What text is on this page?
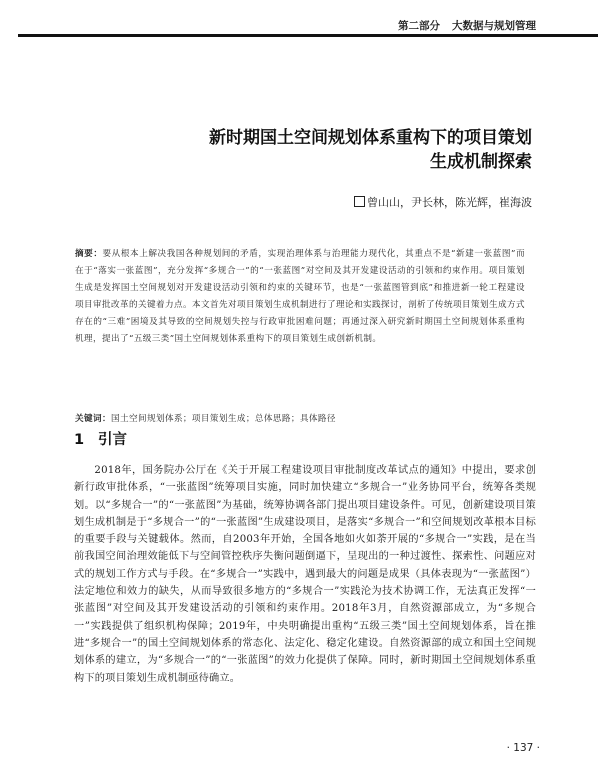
第二部分 大数据与规划管理
新时期国土空间规划体系重构下的项目策划
生成机制探索
曾山山，尹长林，陈光辉，崔海波
摘要：要从根本上解决我国各种规划间的矛盾，实现治理体系与治理能力现代化，其重点不是“新建一张蓝图”而在于“落实一张蓝图”，充分发挥“多规合一”的“一张蓝图”对空间及其开发建设活动的引领和约束作用。项目策划生成是发挥国土空间规划对开发建设活动引领和约束的关键环节，也是“一张蓝图管到底”和推进新一轮工程建设项目审批改革的关键着力点。本文首先对项目策划生成机制进行了理论和实践探讨，剖析了传统项目策划生成方式存在的“三难”困境及其导致的空间规划失控与行政审批困难问题；再通过深入研究新时期国土空间规划体系重构机理，提出了“五级三类”国土空间规划体系重构下的项目策划生成创新机制。
关键词：国土空间规划体系；项目策划生成；总体思路；具体路径
1 引言
2018年，国务院办公厅在《关于开展工程建设项目审批制度改革试点的通知》中提出，要求创新行政审批体系，“一张蓝图”统筹项目实施，同时加快建立“多规合一”业务协同平台，统筹各类规划。以“多规合一”的“一张蓝图”为基础，统筹协调各部门提出项目建设条件。可见，创新建设项目策划生成机制是于“多规合一”的“一张蓝图”生成建设项目，是落实“多规合一”和空间规划改革根本目标的重要手段与关键载体。然而，自2003年开始，全国各地如火如荼开展的“多规合一”实践，是在当前我国空间治理效能低下与空间管控秩序失衡问题倒逼下，呈现出的一种过渡性、探索性、问题应对式的规划工作方式与手段。在“多规合一”实践中，遇到最大的问题是成果（具体表现为“一张蓝图”）法定地位和效力的缺失，从而导致很多地方的“多规合一”实践沦为技术协调工作，无法真正发挥“一张蓝图”对空间及其开发建设活动的引领和约束作用。2018年3月，自然资源部成立，为“多规合一”实践提供了组织机构保障；2019年，中央明确提出重构“五级三类”国土空间规划体系，旨在推进“多规合一”的国土空间规划体系的常态化、法定化、稳定化建设。自然资源部的成立和国土空间规划体系的建立，为“多规合一”的“一张蓝图”的效力化提供了保障。同时，新时期国土空间规划体系重构下的项目策划生成机制亟待确立。
· 137 ·
